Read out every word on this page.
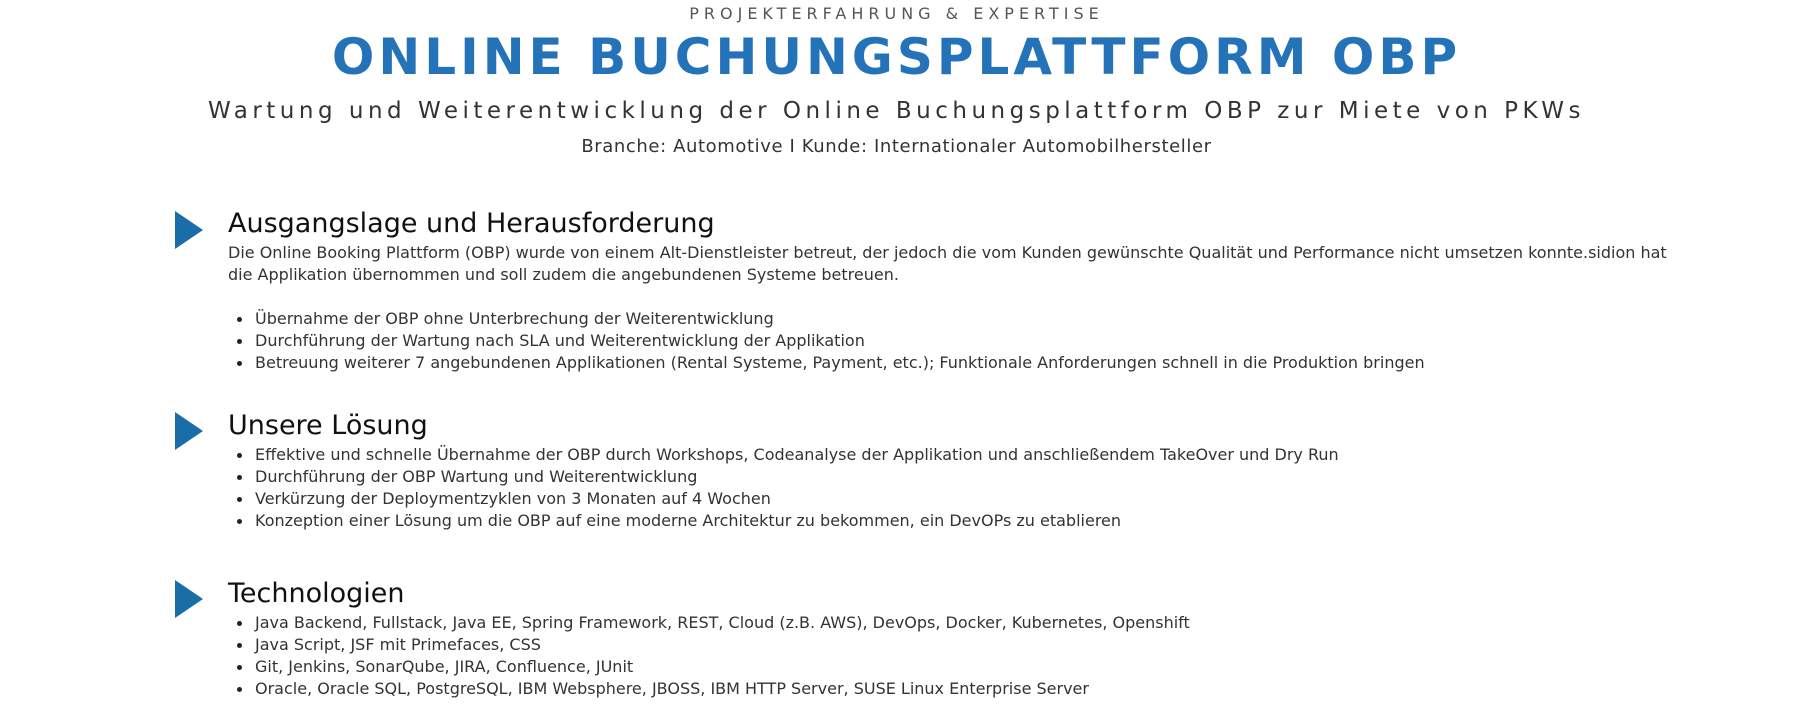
PROJEKTERFAHRUNG & EXPERTISE
ONLINE BUCHUNGSPLATTFORM OBP
Wartung und Weiterentwicklung der Online Buchungsplattform OBP zur Miete von PKWs
Branche: Automotive I Kunde: Internationaler Automobilhersteller
Ausgangslage und Herausforderung
Die Online Booking Plattform (OBP) wurde von einem Alt-Dienstleister betreut, der jedoch die vom Kunden gewünschte Qualität und Performance nicht umsetzen konnte.sidion hat die Applikation übernommen und soll zudem die angebundenen Systeme betreuen.
Übernahme der OBP ohne Unterbrechung der Weiterentwicklung
Durchführung der Wartung nach SLA und Weiterentwicklung der Applikation
Betreuung weiterer 7 angebundenen Applikationen (Rental Systeme, Payment, etc.); Funktionale Anforderungen schnell in die Produktion bringen
Unsere Lösung
Effektive und schnelle Übernahme der OBP durch Workshops, Codeanalyse der Applikation und anschließendem TakeOver und Dry Run
Durchführung der OBP Wartung und Weiterentwicklung
Verkürzung der Deploymentzyklen von 3 Monaten auf 4 Wochen
Konzeption einer Lösung um die OBP auf eine moderne Architektur zu bekommen, ein DevOPs zu etablieren
Technologien
Java Backend, Fullstack, Java EE, Spring Framework, REST, Cloud (z.B. AWS), DevOps, Docker, Kubernetes, Openshift
Java Script, JSF mit Primefaces, CSS
Git, Jenkins, SonarQube, JIRA, Confluence, JUnit
Oracle, Oracle SQL, PostgreSQL, IBM Websphere, JBOSS, IBM HTTP Server, SUSE Linux Enterprise Server
